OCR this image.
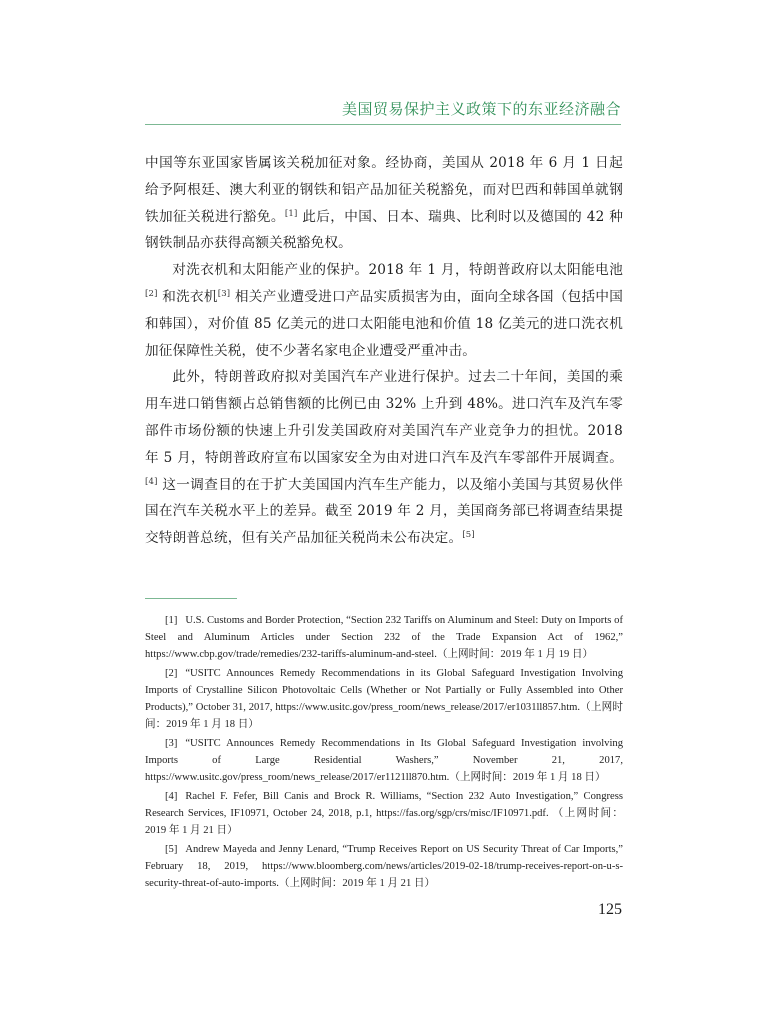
美国贸易保护主义政策下的东亚经济融合

中国等东亚国家皆属该关税加征对象。经协商，美国从 2018 年 6 月 1 日起给予阿根廷、澳大利亚的钢铁和铝产品加征关税豁免，而对巴西和韩国单就钢铁加征关税进行豁免。[1] 此后，中国、日本、瑞典、比利时以及德国的 42 种钢铁制品亦获得高额关税豁免权。

对洗衣机和太阳能产业的保护。2018 年 1 月，特朗普政府以太阳能电池[2] 和洗衣机[3] 相关产业遭受进口产品实质损害为由，面向全球各国（包括中国和韩国），对价值 85 亿美元的进口太阳能电池和价值 18 亿美元的进口洗衣机加征保障性关税，使不少著名家电企业遭受严重冲击。

此外，特朗普政府拟对美国汽车产业进行保护。过去二十年间，美国的乘用车进口销售额占总销售额的比例已由 32% 上升到 48%。进口汽车及汽车零部件市场份额的快速上升引发美国政府对美国汽车产业竞争力的担忧。2018 年 5 月，特朗普政府宣布以国家安全为由对进口汽车及汽车零部件开展调查。[4] 这一调查目的在于扩大美国国内汽车生产能力，以及缩小美国与其贸易伙伴国在汽车关税水平上的差异。截至 2019 年 2 月，美国商务部已将调查结果提交特朗普总统，但有关产品加征关税尚未公布决定。[5]

[1] U.S. Customs and Border Protection, “Section 232 Tariffs on Aluminum and Steel: Duty on Imports of Steel and Aluminum Articles under Section 232 of the Trade Expansion Act of 1962,” https://www.cbp.gov/trade/remedies/232-tariffs-aluminum-and-steel.（上网时间：2019 年 1 月 19 日）

[2] “USITC Announces Remedy Recommendations in its Global Safeguard Investigation Involving Imports of Crystalline Silicon Photovoltaic Cells (Whether or Not Partially or Fully Assembled into Other Products),” October 31, 2017, https://www.usitc.gov/press_room/news_release/2017/er1031ll857.htm.（上网时间：2019 年 1 月 18 日）

[3] “USITC Announces Remedy Recommendations in Its Global Safeguard Investigation involving Imports of Large Residential Washers,” November 21, 2017, https://www.usitc.gov/press_room/news_release/2017/er1121ll870.htm.（上网时间：2019 年 1 月 18 日）

[4] Rachel F. Fefer, Bill Canis and Brock R. Williams, “Section 232 Auto Investigation,” Congress Research Services, IF10971, October 24, 2018, p.1, https://fas.org/sgp/crs/misc/IF10971.pdf. （上网时间：2019 年 1 月 21 日）

[5] Andrew Mayeda and Jenny Lenard, “Trump Receives Report on US Security Threat of Car Imports,” February 18, 2019, https://www.bloomberg.com/news/articles/2019-02-18/trump-receives-report-on-u-s-security-threat-of-auto-imports.（上网时间：2019 年 1 月 21 日）

125
